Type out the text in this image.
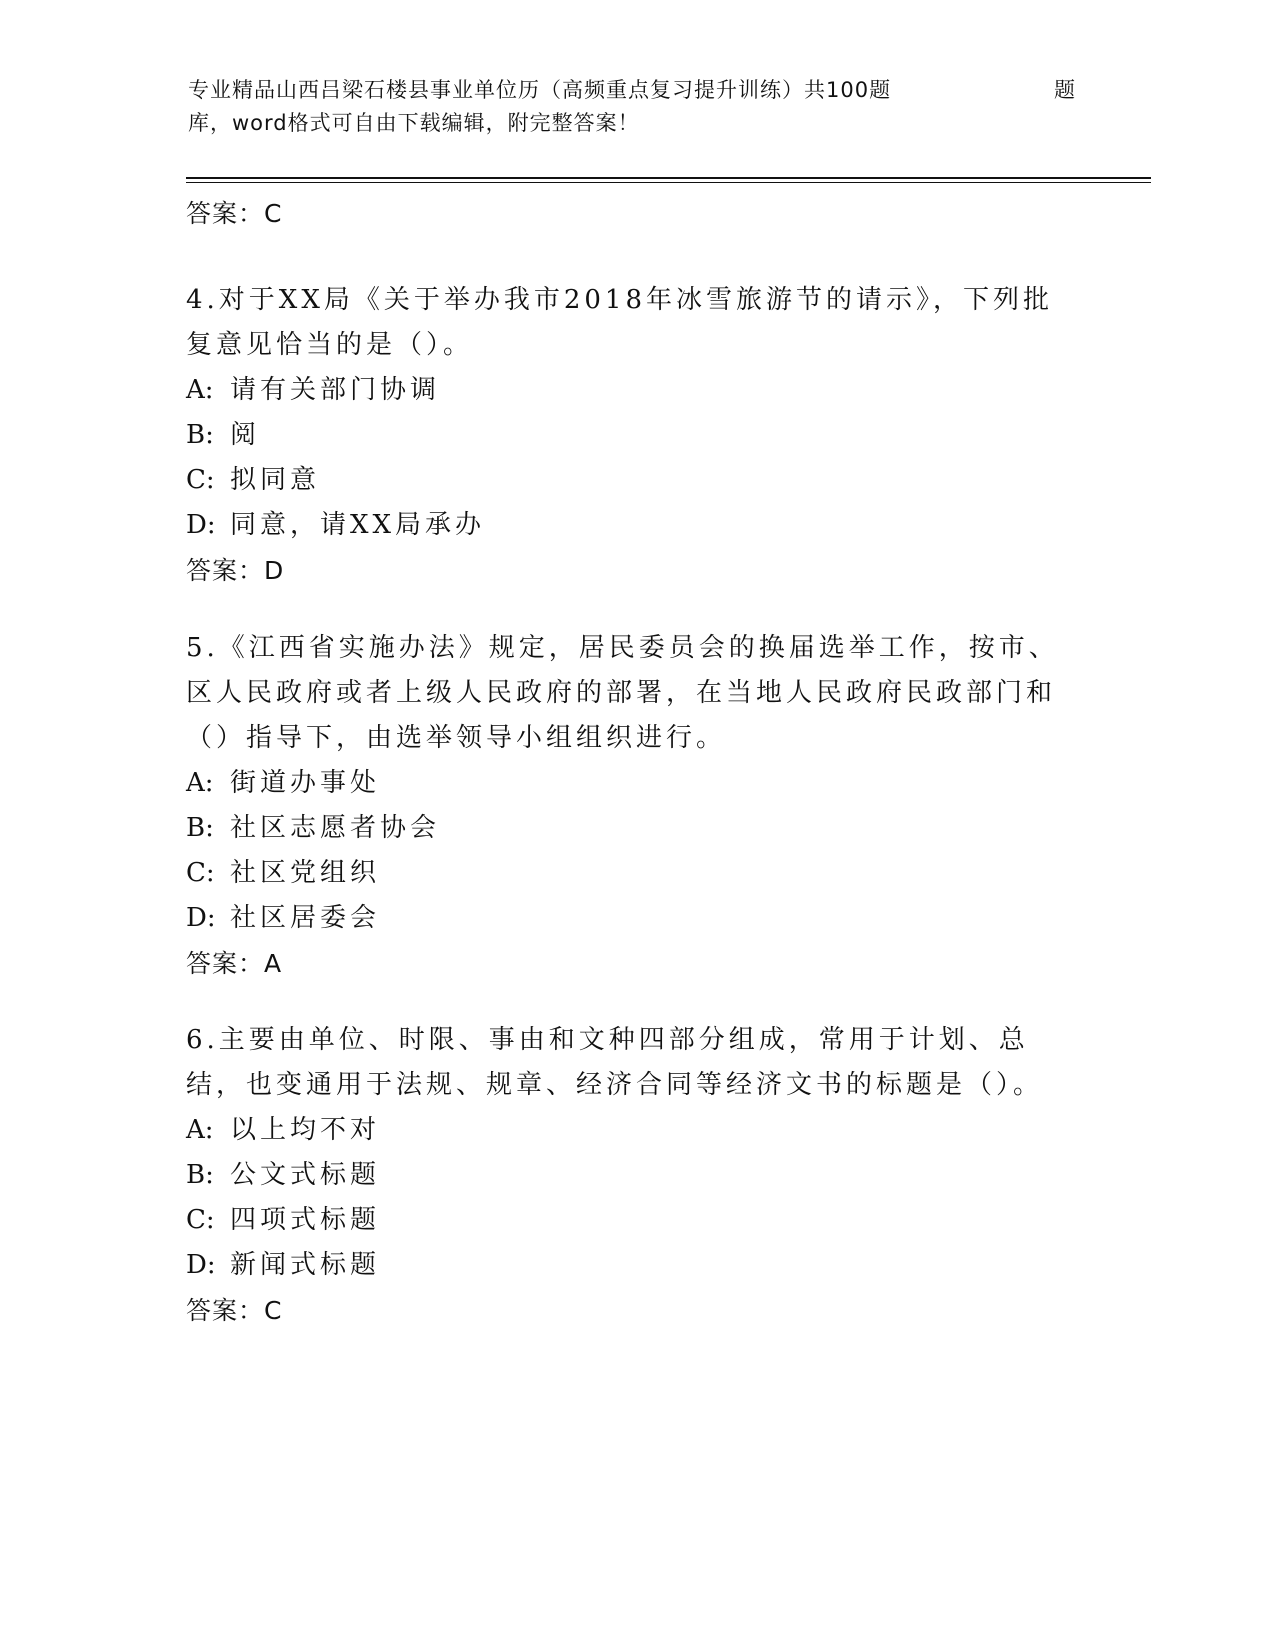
专业精品山西吕梁石楼县事业单位历（高频重点复习提升训练）共100题	题
库，word格式可自由下载编辑，附完整答案！
答案：C
4.对于XX局《关于举办我市2018年冰雪旅游节的请示》，下列批复意见恰当的是（）。
A: 请有关部门协调
B: 阅
C: 拟同意
D: 同意，请XX局承办
答案：D
5.《江西省实施办法》规定，居民委员会的换届选举工作，按市、区人民政府或者上级人民政府的部署，在当地人民政府民政部门和（）指导下，由选举领导小组组织进行。
A: 街道办事处
B: 社区志愿者协会
C: 社区党组织
D: 社区居委会
答案：A
6.主要由单位、时限、事由和文种四部分组成，常用于计划、总结，也变通用于法规、规章、经济合同等经济文书的标题是（）。
A: 以上均不对
B: 公文式标题
C: 四项式标题
D: 新闻式标题
答案：C
